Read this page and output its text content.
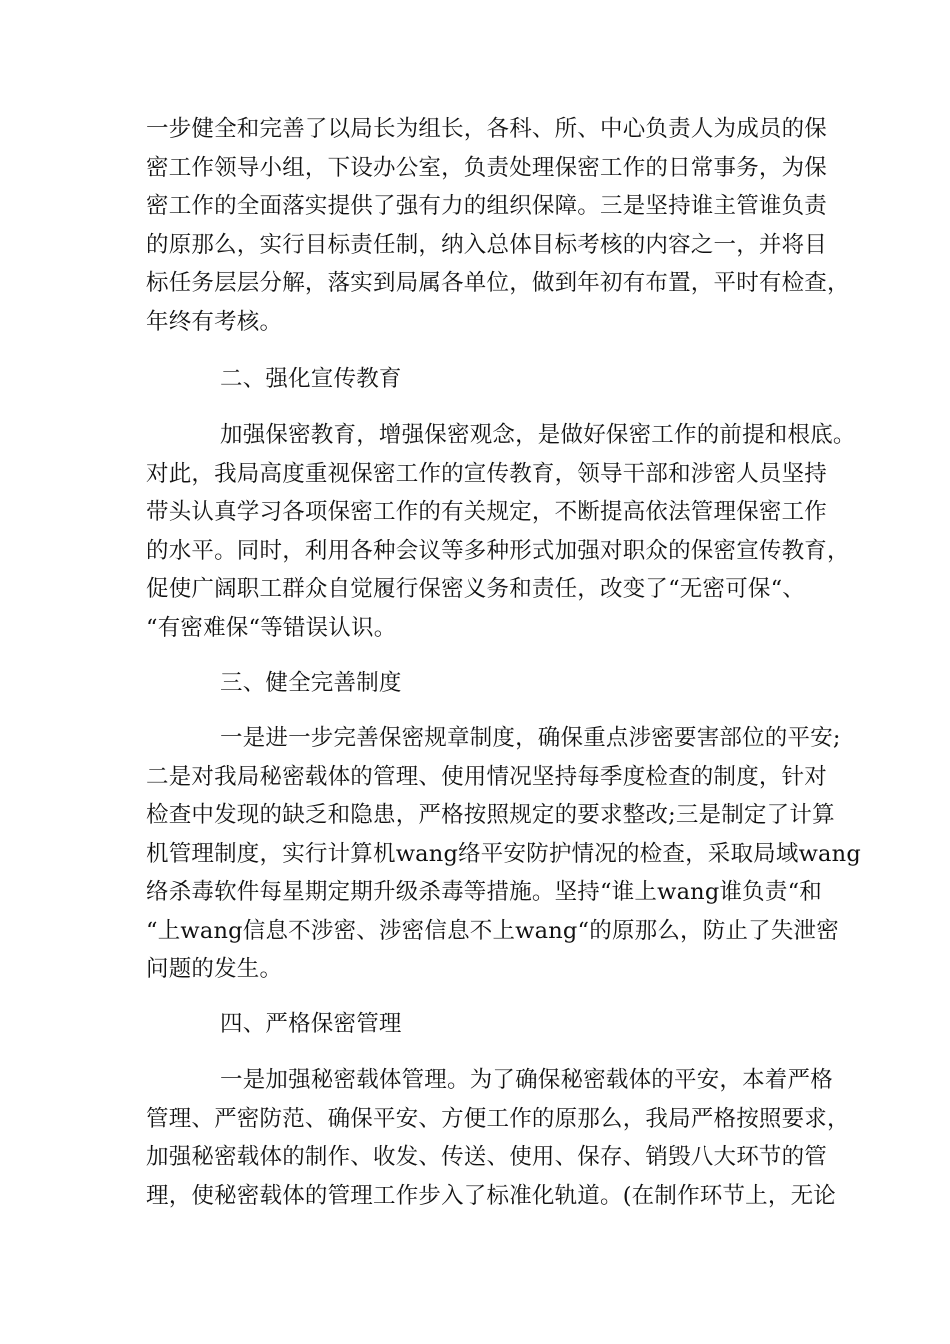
一步健全和完善了以局长为组长，各科、所、中心负责人为成员的保
密工作领导小组，下设办公室，负责处理保密工作的日常事务，为保
密工作的全面落实提供了强有力的组织保障。三是坚持谁主管谁负责
的原那么，实行目标责任制，纳入总体目标考核的内容之一，并将目
标任务层层分解，落实到局属各单位，做到年初有布置，平时有检查，
年终有考核。
二、强化宣传教育
加强保密教育，增强保密观念，是做好保密工作的前提和根底。
对此，我局高度重视保密工作的宣传教育，领导干部和涉密人员坚持
带头认真学习各项保密工作的有关规定，不断提高依法管理保密工作
的水平。同时，利用各种会议等多种形式加强对职众的保密宣传教育，
促使广阔职工群众自觉履行保密义务和责任，改变了“无密可保“、
“有密难保“等错误认识。
三、健全完善制度
一是进一步完善保密规章制度，确保重点涉密要害部位的平安;
二是对我局秘密载体的管理、使用情况坚持每季度检查的制度，针对
检查中发现的缺乏和隐患，严格按照规定的要求整改;三是制定了计算
机管理制度，实行计算机wang络平安防护情况的检查，采取局域wang
络杀毒软件每星期定期升级杀毒等措施。坚持“谁上wang谁负责“和
“上wang信息不涉密、涉密信息不上wang“的原那么，防止了失泄密
问题的发生。
四、严格保密管理
一是加强秘密载体管理。为了确保秘密载体的平安，本着严格
管理、严密防范、确保平安、方便工作的原那么，我局严格按照要求，
加强秘密载体的制作、收发、传送、使用、保存、销毁八大环节的管
理，使秘密载体的管理工作步入了标准化轨道。(在制作环节上，无论
